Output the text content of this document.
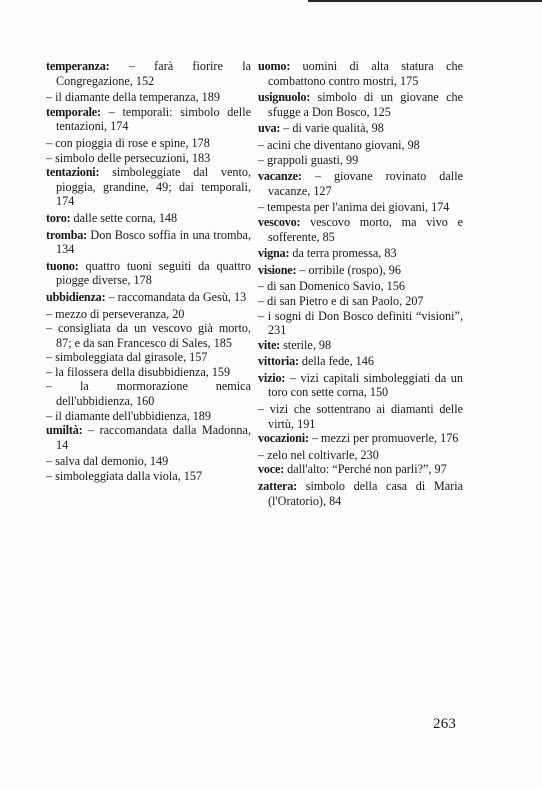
temperanza: – farà fiorire la Congregazione, 152

– il diamante della temperanza, 189

temporale: – temporali: simbolo delle tentazioni, 174

– con pioggia di rose e spine, 178

– simbolo delle persecuzioni, 183

tentazioni: simboleggiate dal vento, pioggia, grandine, 49; dai temporali, 174

toro: dalle sette corna, 148

tromba: Don Bosco soffia in una tromba, 134

tuono: quattro tuoni seguiti da quattro piogge diverse, 178

ubbidienza: – raccomandata da Gesù, 13

– mezzo di perseveranza, 20

– consigliata da un vescovo già morto, 87; e da san Francesco di Sales, 185

– simboleggiata dal girasole, 157

– la filossera della disubbidienza, 159

– la mormorazione nemica dell'ubbidienza, 160

– il diamante dell'ubbidienza, 189

umiltà: – raccomandata dalla Madonna, 14

– salva dal demonio, 149

– simboleggiata dalla viola, 157

uomo: uomini di alta statura che combattono contro mostri, 175

usignuolo: simbolo di un giovane che sfugge a Don Bosco, 125

uva: – di varie qualità, 98

– acini che diventano giovani, 98

– grappoli guasti, 99

vacanze: – giovane rovinato dalle vacanze, 127

– tempesta per l'anima dei giovani, 174

vescovo: vescovo morto, ma vivo e sofferente, 85

vigna: da terra promessa, 83

visione: – orribile (rospo), 96

– di san Domenico Savio, 156

– di san Pietro e di san Paolo, 207

– i sogni di Don Bosco definiti “visioni”, 231

vite: sterile, 98

vittoria: della fede, 146

vizio: – vizi capitali simboleggiati da un toro con sette corna, 150

– vizi che sottentrano ai diamanti delle virtù, 191

vocazioni: – mezzi per promuoverle, 176

– zelo nel coltivarle, 230

voce: dall'alto: “Perché non parli?”, 97

zattera: simbolo della casa di Maria (l'Oratorio), 84

263
